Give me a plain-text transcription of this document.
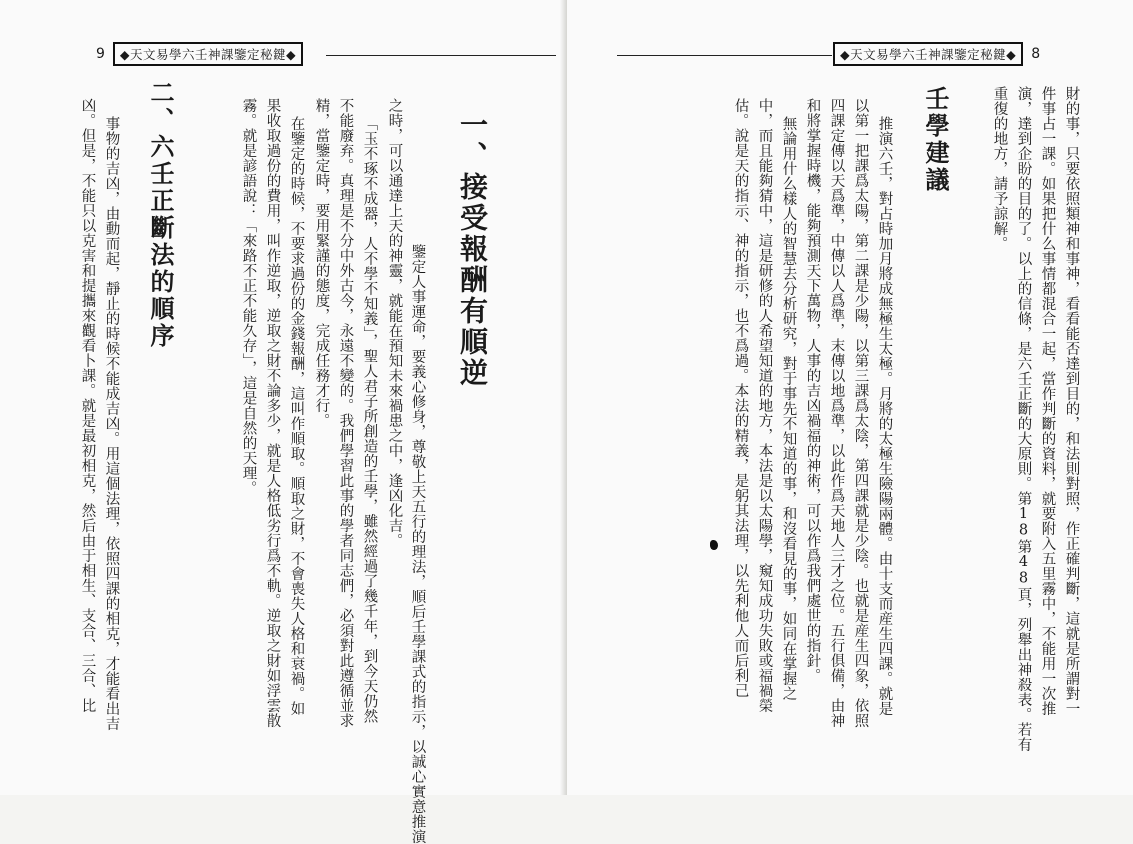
9	◆天文易學六壬神課鑒定秘鍵◆
一、接受報酬有順逆
鑒定人事運命，要義心修身，尊敬上天五行的理法，順后壬學課式的指示，以誠心實意推演
之時，可以通達上天的神靈，就能在預知未來禍患之中，逢凶化吉。
「玉不琢不成器，人不學不知義」，聖人君子所創造的壬學，雖然經過了幾千年，到今天仍然
不能廢弃。真理是不分中外古今，永遠不變的。我們學習此事的學者同志們，必須對此遵循並求
精，當鑒定時，要用緊謹的態度，完成任務才行。
在鑒定的時候，不要求過份的金錢報酬，這叫作順取。順取之財，不會喪失人格和衰禍。如
果收取過份的費用，叫作逆取，逆取之財不論多少，就是人格低劣行爲不軌。逆取之財如浮雲散
霧。就是諺語說：「來路不正不能久存」，這是自然的天理。
二、六壬正斷法的順序
事物的吉凶，由動而起，靜止的時候不能成吉凶。用這個法理，依照四課的相克，才能看出吉
凶。但是，不能只以克害和提攜來觀看卜課。就是最初相克，然后由于相生、支合、三合、比
◆天文易學六壬神課鑒定秘鍵◆	8
財的事，只要依照類神和事神，看看能否達到目的，和法則對照，作正確判斷，這就是所謂對一
件事占一課。如果把什么事情都混合一起，當作判斷的資料，就要附入五里霧中，不能用一次推
演，達到企盼的目的了。以上的信條，是六壬正斷的大原則。第18第48頁，列舉出神殺表。若有
重復的地方，請予諒解。
壬學建議
推演六壬，對占時加月將成無極生太極。月將的太極生險陽兩體。由十支而産生四課。就是
以第一把課爲太陽，第二課是少陽，以第三課爲太陰，第四課就是少陰。也就是産生四象，依照
四課定傳以天爲準，中傳以人爲準，末傳以地爲準，以此作爲天地人三才之位。五行俱備，由神
和將掌握時機，能夠預測天下萬物，人事的吉凶禍福的神術，可以作爲我們處世的指針。
無論用什么樣人的智慧去分析研究，對于事先不知道的事，和沒看見的事，如同在掌握之
中，而且能夠猜中，這是研修的人希望知道的地方，本法是以太陽學，窺知成功失敗或福禍榮
估。說是天的指示、神的指示，也不爲過。本法的精義，是躬其法理，以先利他人而后利己
